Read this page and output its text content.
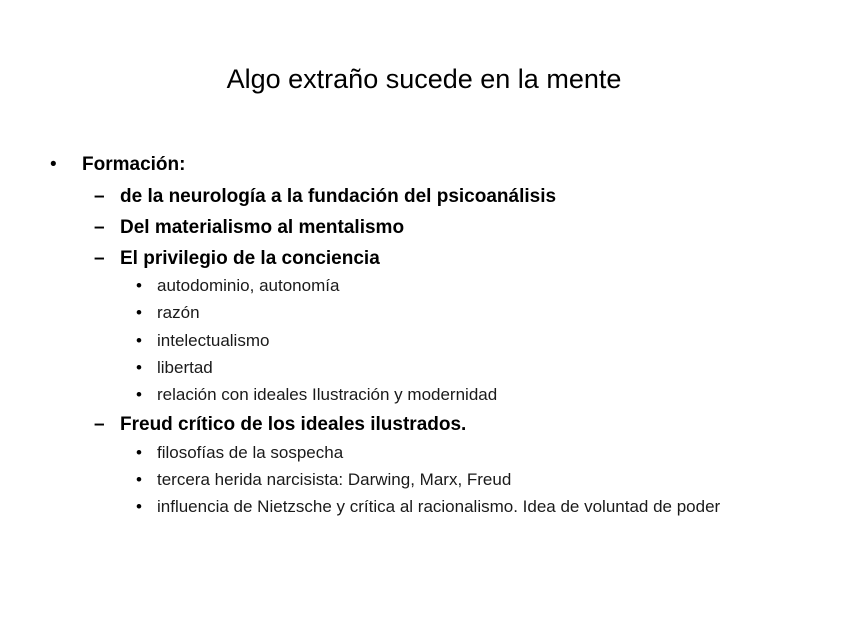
Algo extraño sucede en la mente
• Formación:
– de la neurología a la fundación del psicoanálisis
– Del materialismo al mentalismo
– El privilegio de la conciencia
• autodominio, autonomía
• razón
• intelectualismo
• libertad
• relación con ideales Ilustración y modernidad
– Freud crítico de los ideales ilustrados.
• filosofías de la sospecha
• tercera herida narcisista: Darwing, Marx, Freud
• influencia de Nietzsche y crítica al racionalismo. Idea de voluntad de poder
